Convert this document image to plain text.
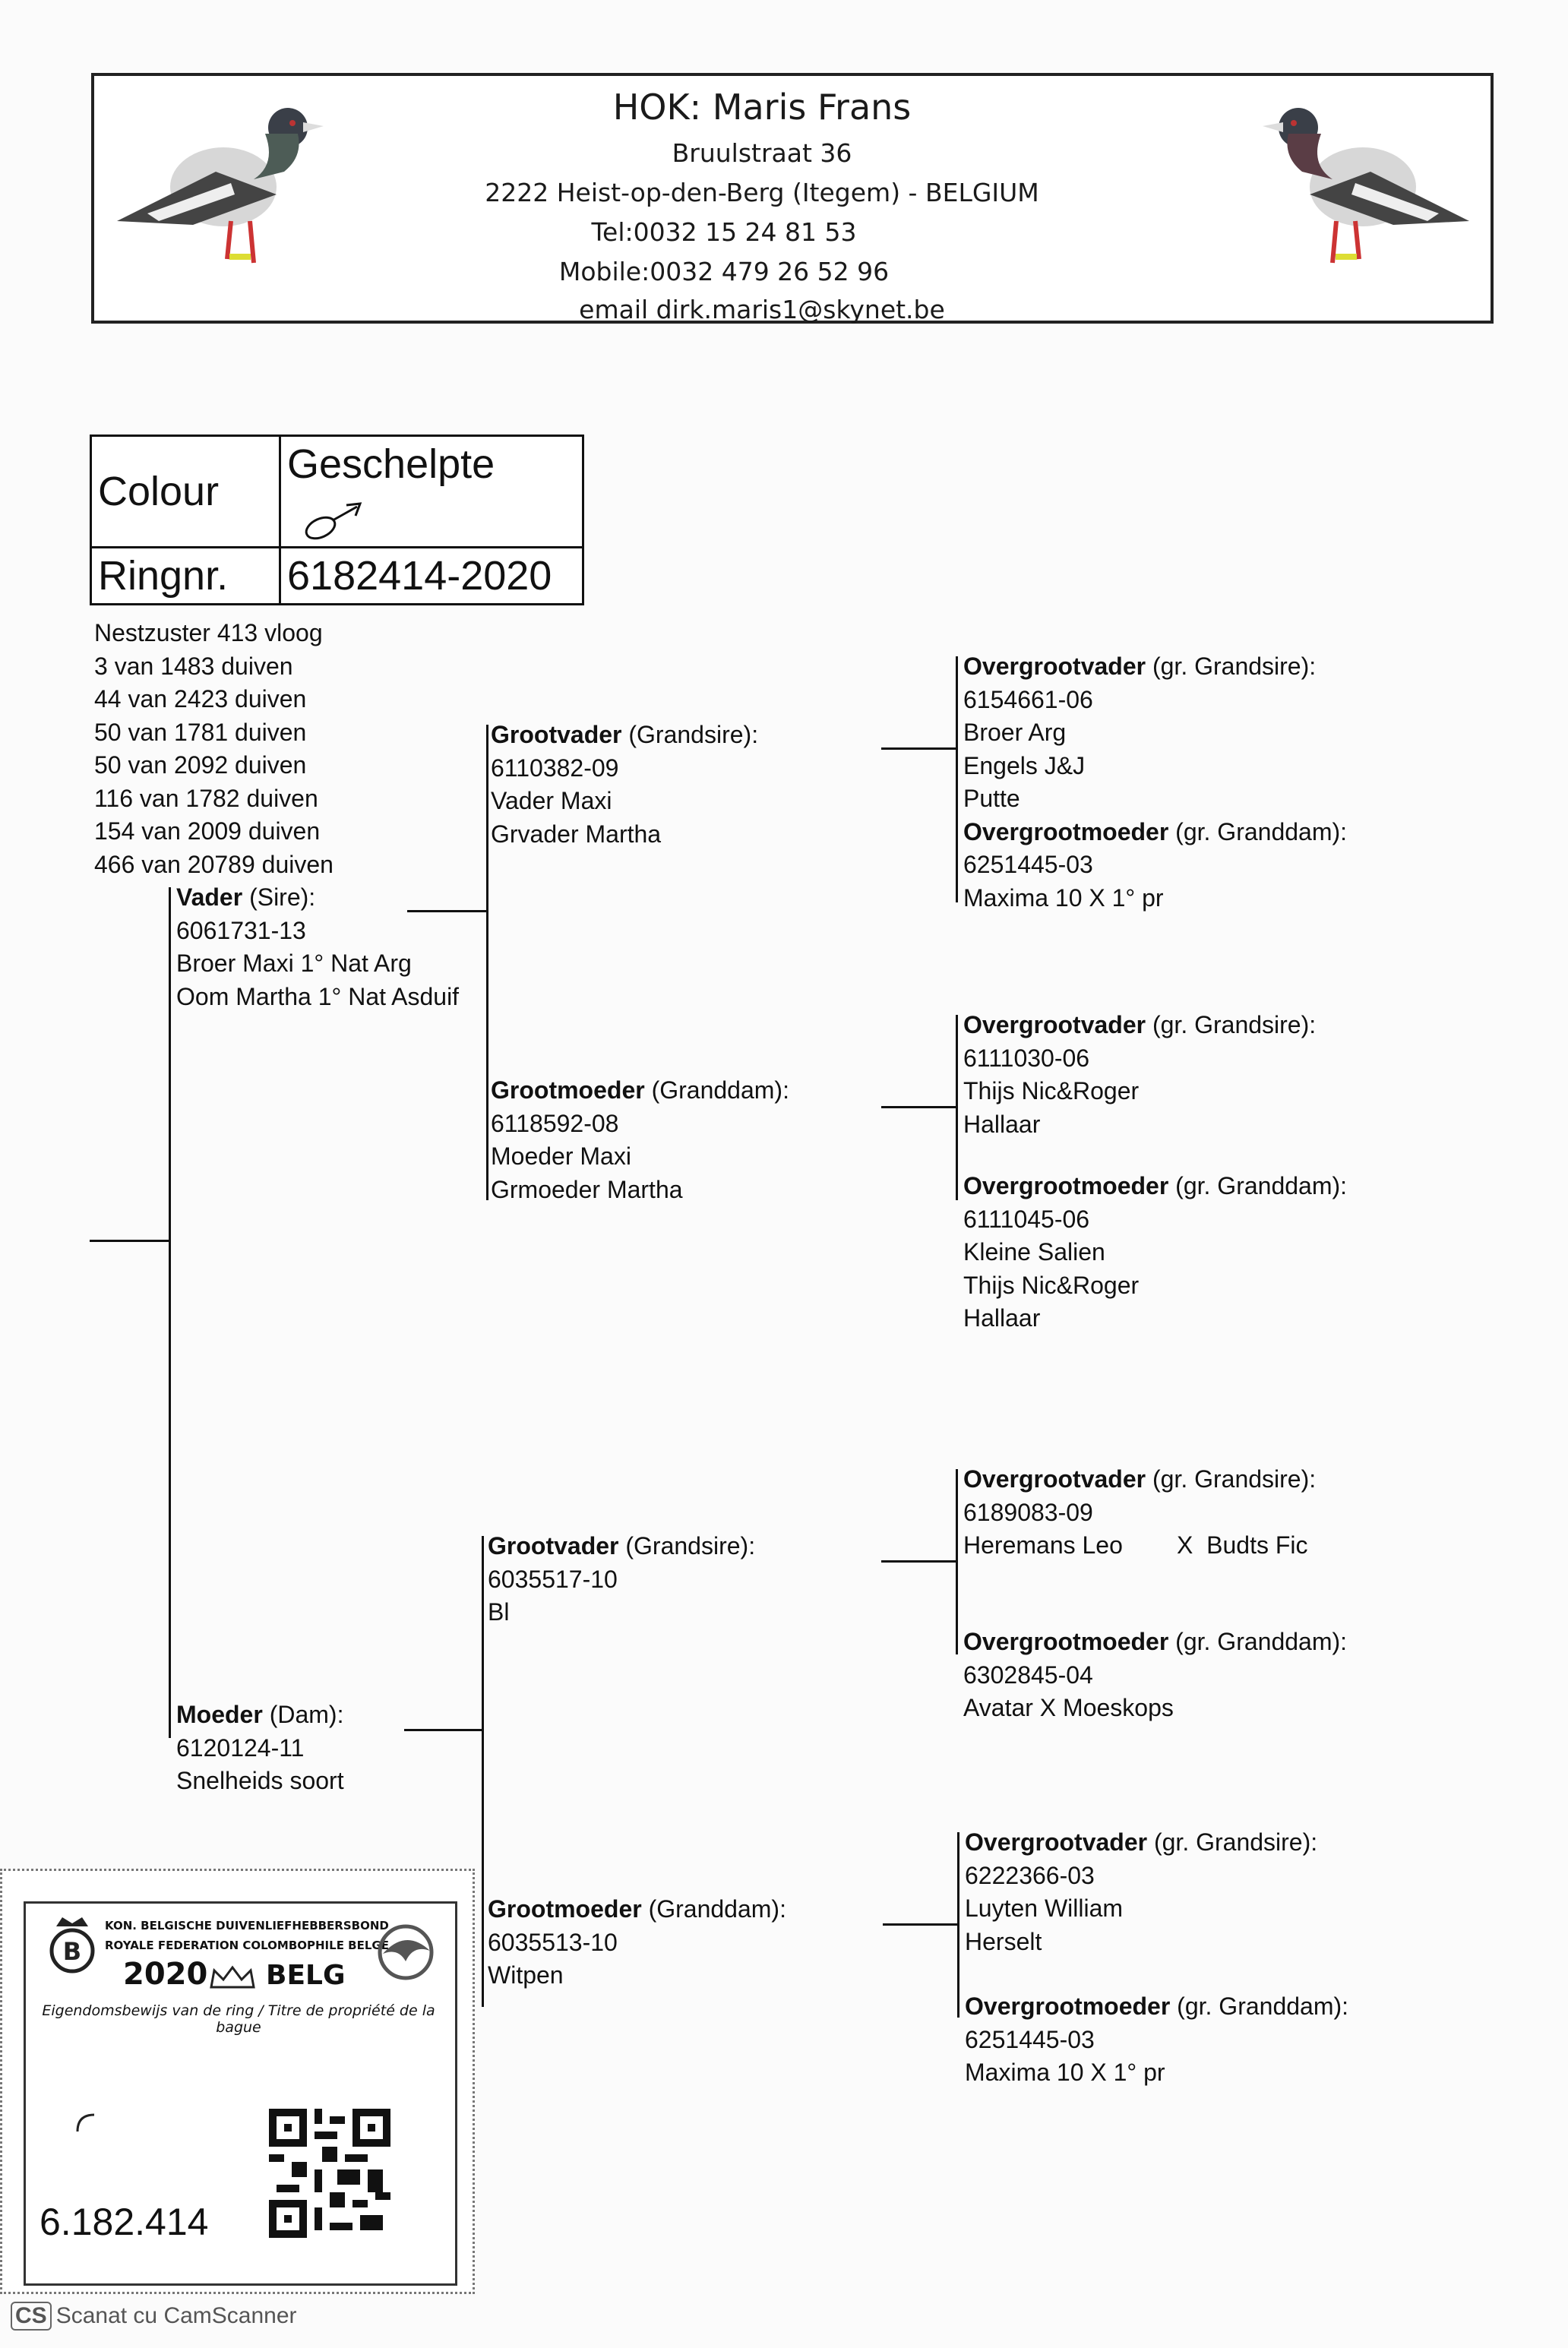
HOK: Maris Frans
Bruulstraat 36
2222 Heist-op-den-Berg (Itegem) - BELGIUM
Tel:0032 15 24 81 53
Mobile:0032 479 26 52 96
email dirk.maris1@skynet.be
Colour	Geschelpte
Ringnr.	6182414-2020
Nestzuster 413 vloog
3 van 1483 duiven
44 van 2423 duiven
50 van 1781 duiven
50 van 2092 duiven
116 van 1782 duiven
154 van 2009 duiven
466 van 20789 duiven
Vader (Sire):
6061731-13
Broer Maxi 1° Nat Arg
Oom Martha 1° Nat Asduif
Moeder (Dam):
6120124-11
Snelheids soort
Grootvader (Grandsire):
6110382-09
Vader Maxi
Grvader Martha
Grootmoeder (Granddam):
6118592-08
Moeder Maxi
Grmoeder Martha
Grootvader (Grandsire):
6035517-10
Bl
Grootmoeder (Granddam):
6035513-10
Witpen
Overgrootvader (gr. Grandsire):
6154661-06
Broer Arg
Engels J&J
Putte
Overgrootmoeder (gr. Granddam):
6251445-03
Maxima 10 X 1° pr
Overgrootvader (gr. Grandsire):
6111030-06
Thijs Nic&Roger
Hallaar
Overgrootmoeder (gr. Granddam):
6111045-06
Kleine Salien
Thijs Nic&Roger
Hallaar
Overgrootvader (gr. Grandsire):
6189083-09
Heremans Leo        X  Budts Fic
Overgrootmoeder (gr. Granddam):
6302845-04
Avatar X Moeskops
Overgrootvader (gr. Grandsire):
6222366-03
Luyten William
Herselt
Overgrootmoeder (gr. Granddam):
6251445-03
Maxima 10 X 1° pr
B
KON. BELGISCHE DUIVENLIEFHEBBERSBOND
ROYALE FEDERATION COLOMBOPHILE BELGE
2020 BELG
Eigendomsbewijs van de ring / Titre de propriété de la bague
6.182.414
CS Scanat cu CamScanner
